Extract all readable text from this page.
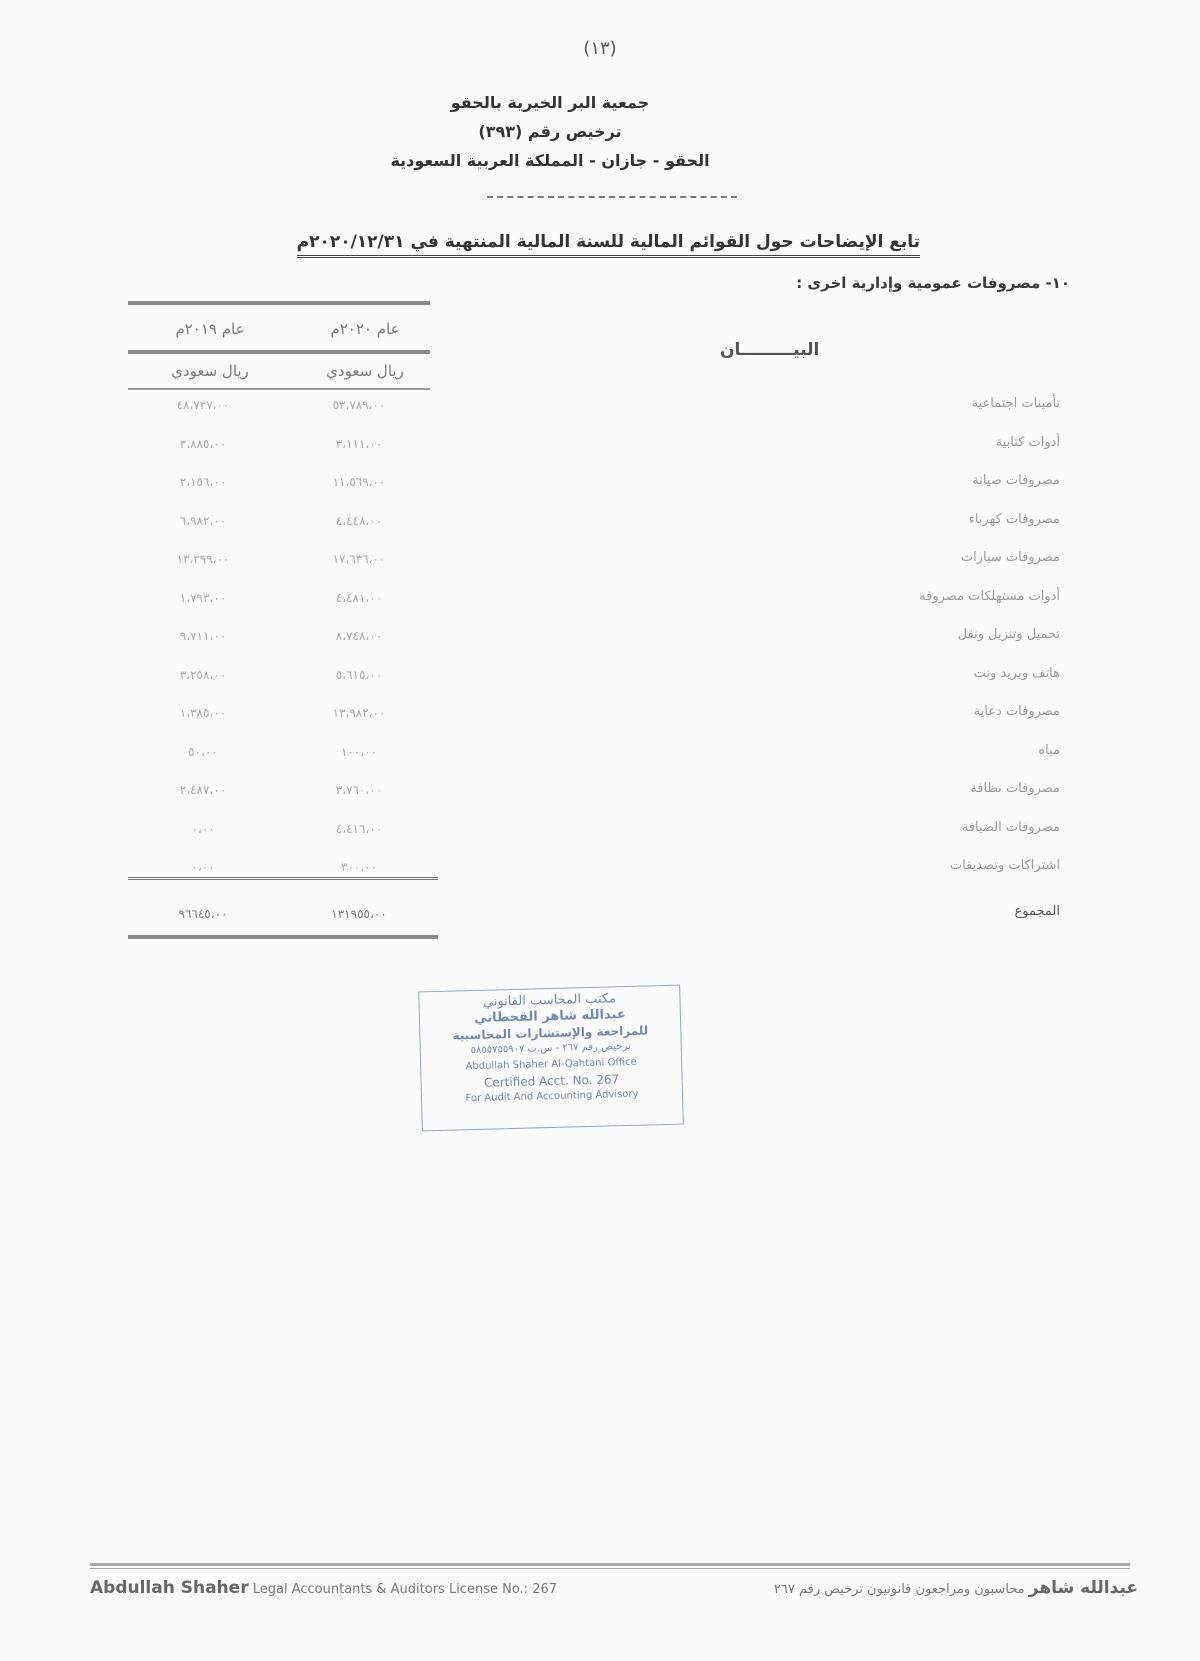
(١٣)
جمعية البر الخيرية بالحقو
ترخيص رقم (٣٩٣)
الحقو - جازان - المملكة العربية السعودية
تابع الإيضاحات حول القوائم المالية للسنة المالية المنتهية في ٢٠٢٠/١٢/٣١م
١٠- مصروفات عمومية وإدارية اخرى :
البيـــــــــان
عام ٢٠٢٠م
عام ٢٠١٩م
ريال سعودي
ريال سعودي
تأمينات اجتماعية
٥٣،٧٨٩،٠٠
٤٨،٧٢٧،٠٠
أدوات كتابية
٣،١١١،٠٠
٣،٨٨٥،٠٠
مصروفات صيانة
١١،٥٦٩،٠٠
٢،١٥٦،٠٠
مصروفات كهرباء
٤،٤٤٨،٠٠
٦،٩٨٢،٠٠
مصروفات سيارات
١٧،٦٣٦،٠٠
١٣،٢٩٩،٠٠
أدوات مستهلكات مصروفه
٤،٤٨١،٠٠
١،٧٩٣،٠٠
تحميل وتنزيل ونقل
٨،٧٤٨،٠٠
٩،٧١١،٠٠
هاتف وبريد ونت
٥،٦١٥،٠٠
٣،٢٥٨،٠٠
مصروفات دعاية
١٣،٩٨٢،٠٠
١،٣٨٥،٠٠
مياه
١٠٠،٠٠
٥٠،٠٠
مصروفات نظافة
٣،٧٦٠،٠٠
٢،٤٨٧،٠٠
مصروفات الضيافة
٤،٤١٦،٠٠
٠،٠٠
اشتراكات وتصديقات
٣٠٠،٠٠
٠،٠٠
المجموع
١٣١٩٥٥،٠٠
٩٦٦٤٥،٠٠
مكتب المحاسب القانوني
عبدالله شاهر القحطاني
للمراجعة والإستشارات المحاسبية
ترخيص رقم ٢٦٧ - س.ت ٥٨٥٥٧٥٥٩٠٧
Abdullah Shaher Al-Qahtani Office
Certified Acct. No. 267
For Audit And Accounting Advisory
Abdullah Shaher Legal Accountants & Auditors License No.: 267	عبدالله شاهر محاسبون ومراجعون قانونيون ترخيص رقم ٢٦٧
